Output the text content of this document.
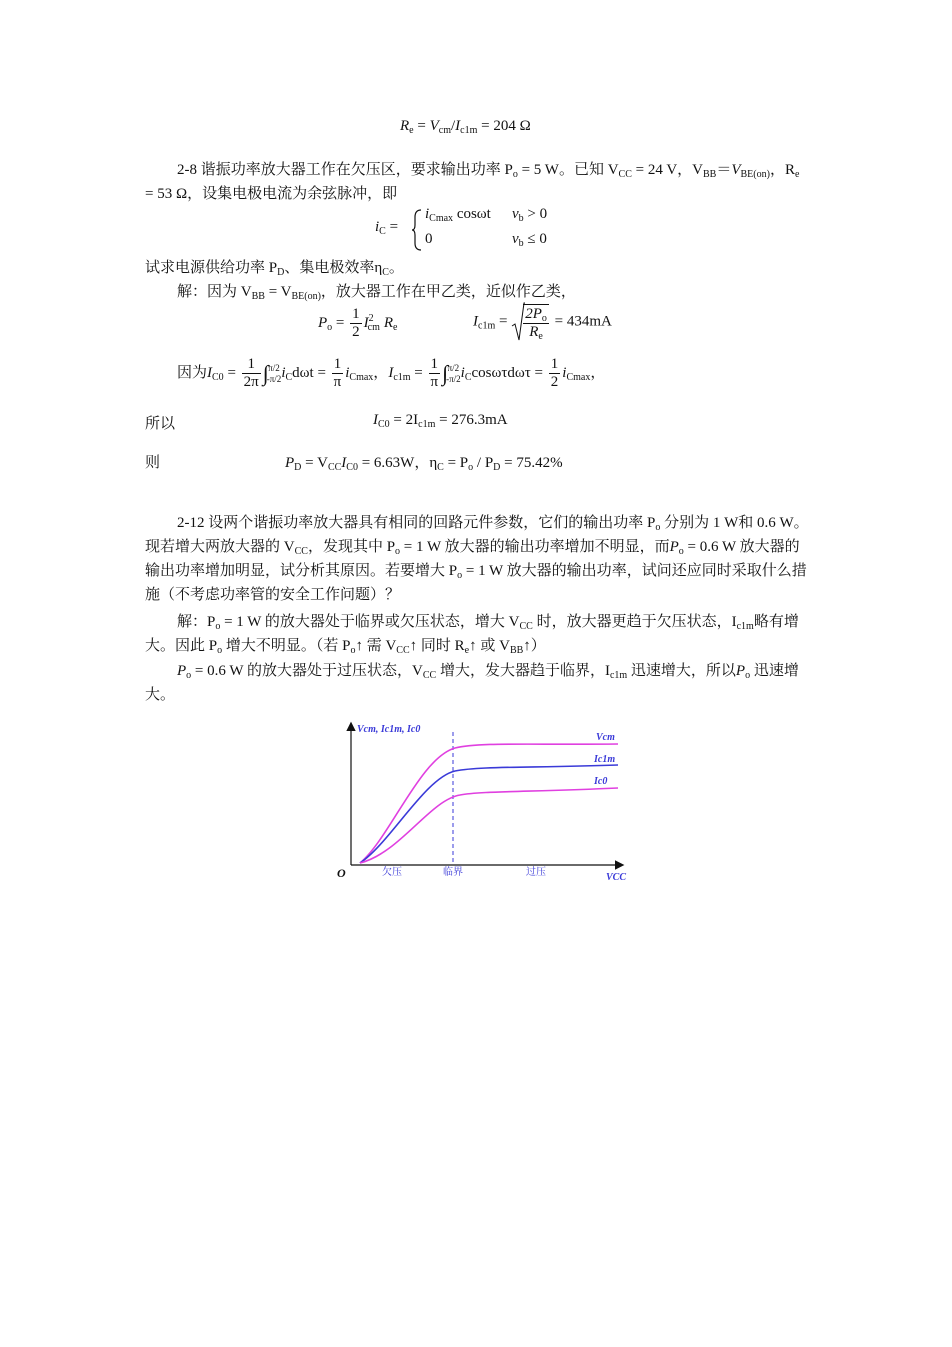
$R_e = V_{cm}/I_{c1m} = 204$ Ω
2-8 谐振功率放大器工作在欠压区，要求输出功率 $P_o = 5$ W。已知 $V_{CC} = 24$ V，$V_{BB}=V_{BE(on)}$，$R_e = 53$ Ω，设集电极电流为余弦脉冲，即
$i_C$ =
$i_{Cmax}$ cosωt $v_b > 0$
0	$v_b \le 0$
试求电源供给功率 $P_D$、集电极效率$\eta_C$。
解：因为 $V_{BB} = V_{BE(on)}$，放大器工作在甲乙类，近似作乙类，
$P_o = \frac{1}{2} I^2_{cm}$ $R_e$	$I_{c1m} = \frac{2P_o}{R_e} = 434mA$
因为$I_{C0} = \frac{1}{2\pi} \int\pi/2$
$-\pi/2i_Cd\omega t = \frac{1}{\pi} i_{Cmax}$，$I_{c1m} = \frac{1}{\pi} \int\pi/2$
$-\pi/2i_C\cos\omega\tau d\omega\tau = \frac{1}{2} i_{Cmax}$，
所以	$I_{C0} = 2I_{c1m} = 276.3mA$
则	$P_D = V_{CC}I_{C0} = 6.63W$，$\eta_C = P_o / P_D = 75.42\%$
2-12 设两个谐振功率放大器具有相同的回路元件参数，它们的输出功率 $P_o$ 分别为 1 W和 0.6 W。现若增大两放大器的 $V_{CC}$，发现其中 $P_o = 1$ W 放大器的输出功率增加不明显，而$P_o = 0.6$ W 放大器的输出功率增加明显，试分析其原因。若要增大 $P_o = 1$ W 放大器的输出功率，试问还应同时采取什么措施（不考虑功率管的安全工作问题）？
解：$P_o = 1$ W 的放大器处于临界或欠压状态，增大 $V_{CC}$ 时，放大器更趋于欠压状态，$I_{c1m}$略有增大。因此 $P_o$ 增大不明显。（若 $P_o↑$ 需 $V_{CC}↑$ 同时 $R_e↑$ 或 $V_{BB}↑$）
$P_o = 0.6$ W 的放大器处于过压状态，$V_{CC}$ 增大，发大器趋于临界，$I_{c1m}$ 迅速增大，所以$P_o$ 迅速增大。
Vcm, Ic1m, Ic0
Vcm
Ic1m
Ic0
O	欠压	临界	过压	VCC
